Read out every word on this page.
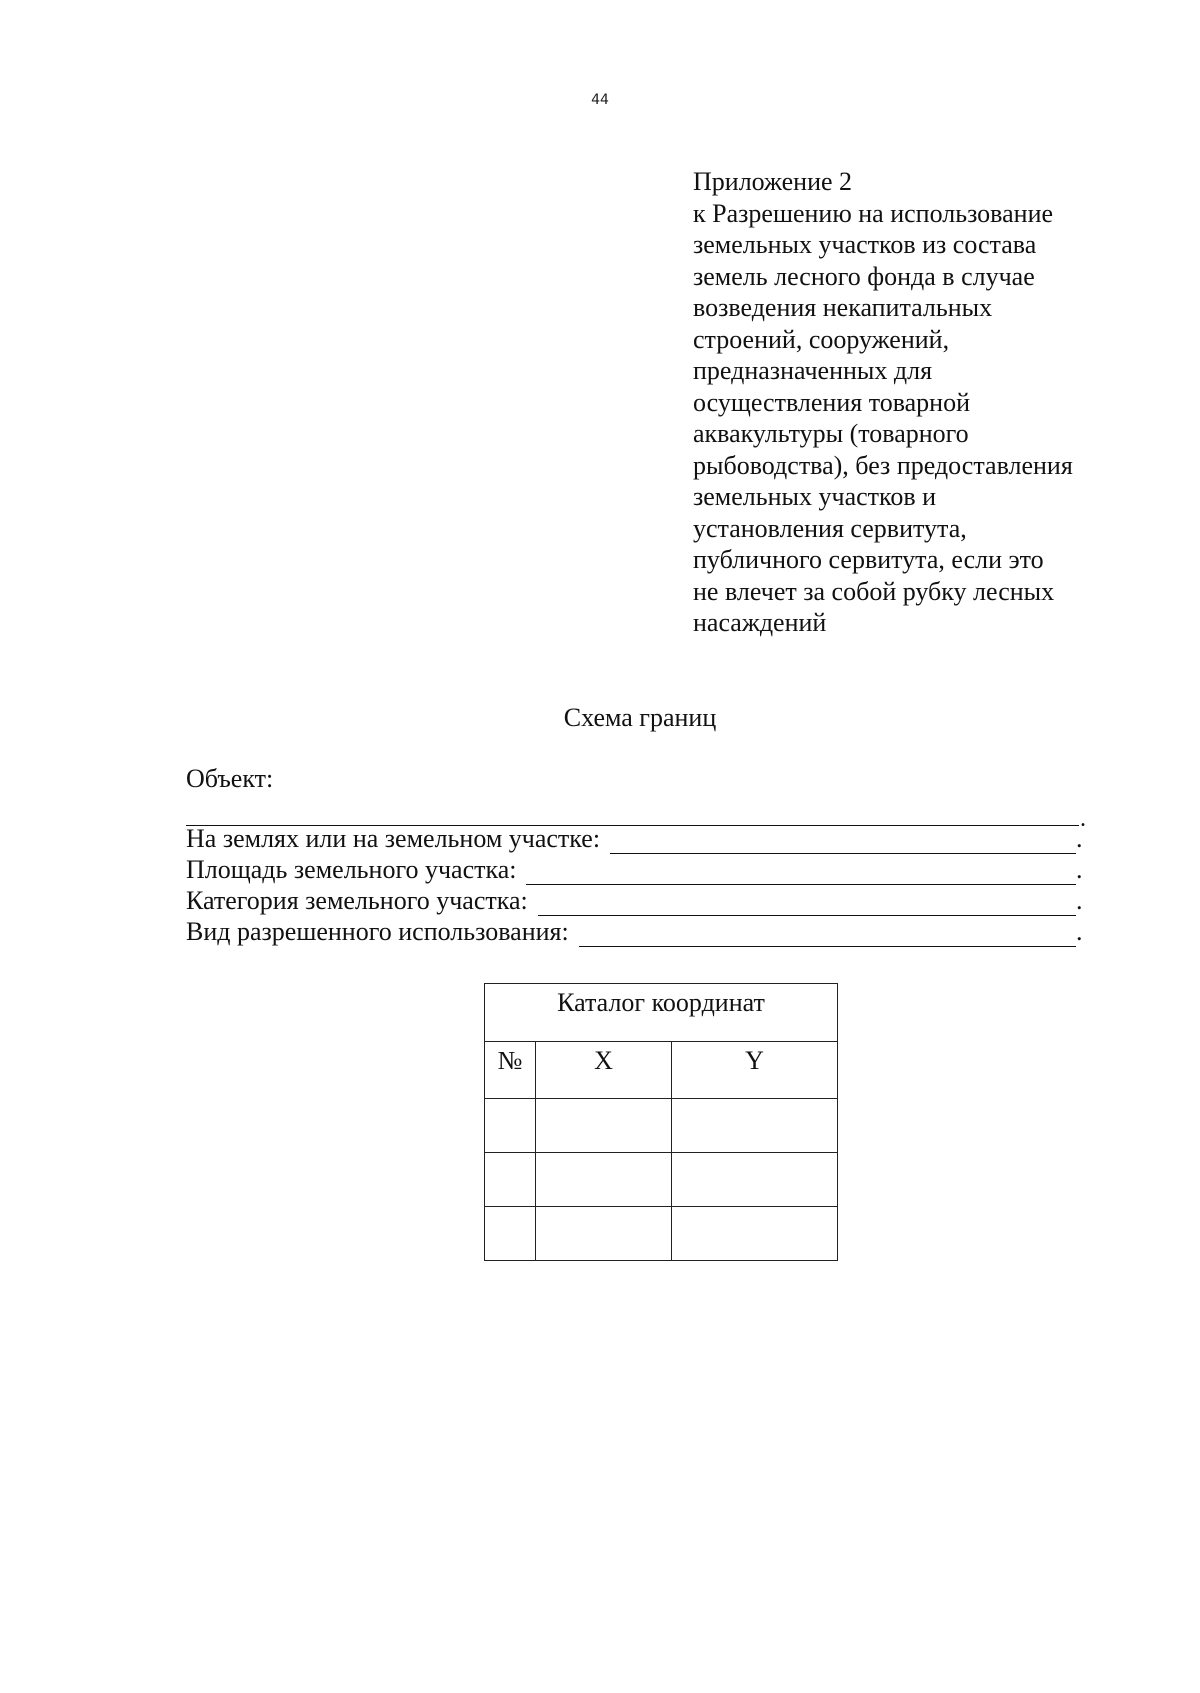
44
Приложение 2
к Разрешению на использование
земельных участков из состава
земель лесного фонда в случае
возведения некапитальных
строений, сооружений,
предназначенных для
осуществления товарной
аквакультуры (товарного
рыбоводства), без предоставления
земельных участков и
установления сервитута,
публичного сервитута, если это
не влечет за собой рубку лесных
насаждений
Схема границ
Объект:
.
На землях или на земельном участке:	.
Площадь земельного участка:	.
Категория земельного участка:	.
Вид разрешенного использования:	.
Каталог координат		
№	X	Y
